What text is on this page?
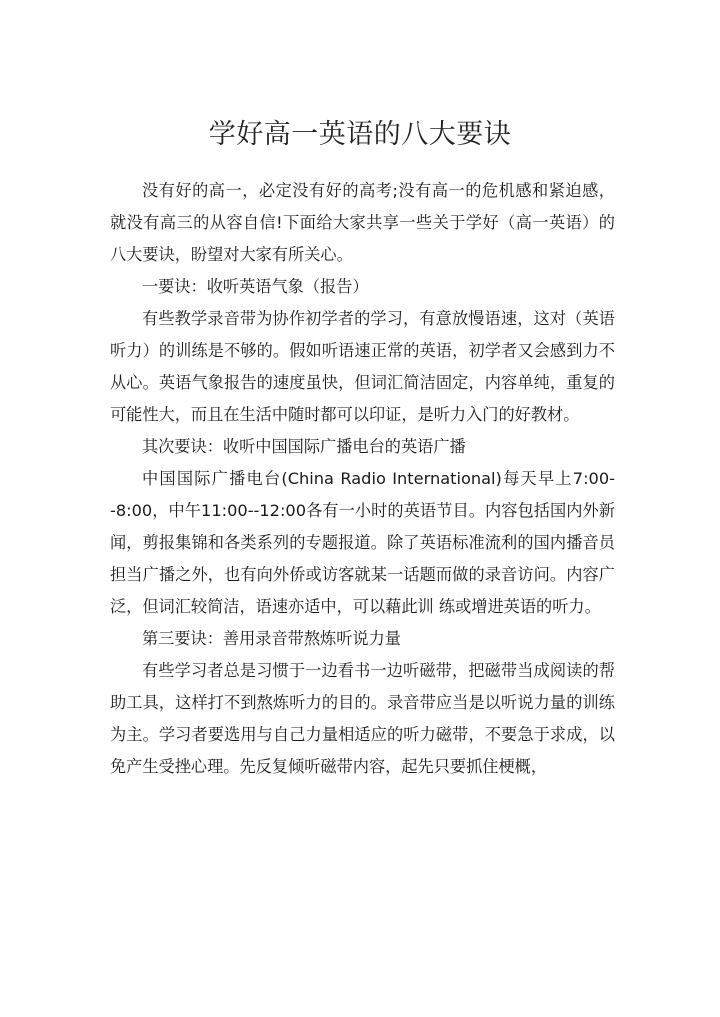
学好高一英语的八大要诀

没有好的高一，必定没有好的高考;没有高一的危机感和紧迫感，就没有高三的从容自信!下面给大家共享一些关于学好（高一英语）的八大要诀，盼望对大家有所关心。

一要诀：收听英语气象（报告）

有些教学录音带为协作初学者的学习，有意放慢语速，这对（英语听力）的训练是不够的。假如听语速正常的英语，初学者又会感到力不从心。英语气象报告的速度虽快，但词汇简洁固定，内容单纯，重复的可能性大，而且在生活中随时都可以印证，是听力入门的好教材。

其次要诀：收听中国国际广播电台的英语广播

中国国际广播电台(China Radio International)每天早上7:00--8:00，中午11:00--12:00各有一小时的英语节目。内容包括国内外新闻，剪报集锦和各类系列的专题报道。除了英语标准流利的国内播音员担当广播之外，也有向外侨或访客就某一话题而做的录音访问。内容广泛，但词汇较简洁，语速亦适中，可以藉此训 练或增进英语的听力。

第三要诀：善用录音带熬炼听说力量

有些学习者总是习惯于一边看书一边听磁带，把磁带当成阅读的帮助工具，这样打不到熬炼听力的目的。录音带应当是以听说力量的训练为主。学习者要选用与自己力量相适应的听力磁带，不要急于求成，以免产生受挫心理。先反复倾听磁带内容，起先只要抓住梗概，
